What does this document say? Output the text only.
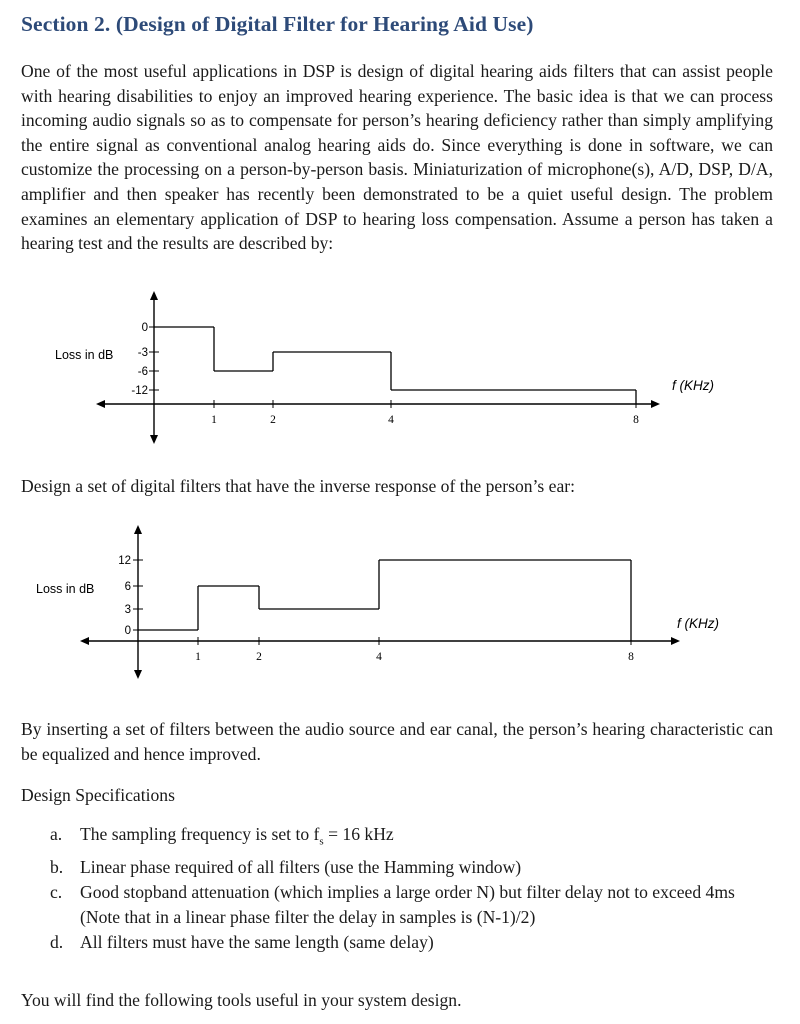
Section 2. (Design of Digital Filter for Hearing Aid Use)

One of the most useful applications in DSP is design of digital hearing aids filters that can assist people with hearing disabilities to enjoy an improved hearing experience. The basic idea is that we can process incoming audio signals so as to compensate for person’s hearing deficiency rather than simply amplifying the entire signal as conventional analog hearing aids do. Since everything is done in software, we can customize the processing on a person-by-person basis. Miniaturization of microphone(s), A/D, DSP, D/A, amplifier and then speaker has recently been demonstrated to be a quiet useful design. The problem examines an elementary application of DSP to hearing loss compensation. Assume a person has taken a hearing test and the results are described by:

0
-3
-6
-12
1	2	4	8
Loss in dB
f (KHz)

Design a set of digital filters that have the inverse response of the person’s ear:

12
6
3
0
1	2	4	8
Loss in dB
f (KHz)

By inserting a set of filters between the audio source and ear canal, the person’s hearing characteristic can be equalized and hence improved.

Design Specifications

a. The sampling frequency is set to $f_s = 16$ kHz
b. Linear phase required of all filters (use the Hamming window)
c. Good stopband attenuation (which implies a large order N) but filter delay not to exceed 4ms
(Note that in a linear phase filter the delay in samples is (N-1)/2)
d. All filters must have the same length (same delay)

You will find the following tools useful in your system design.
